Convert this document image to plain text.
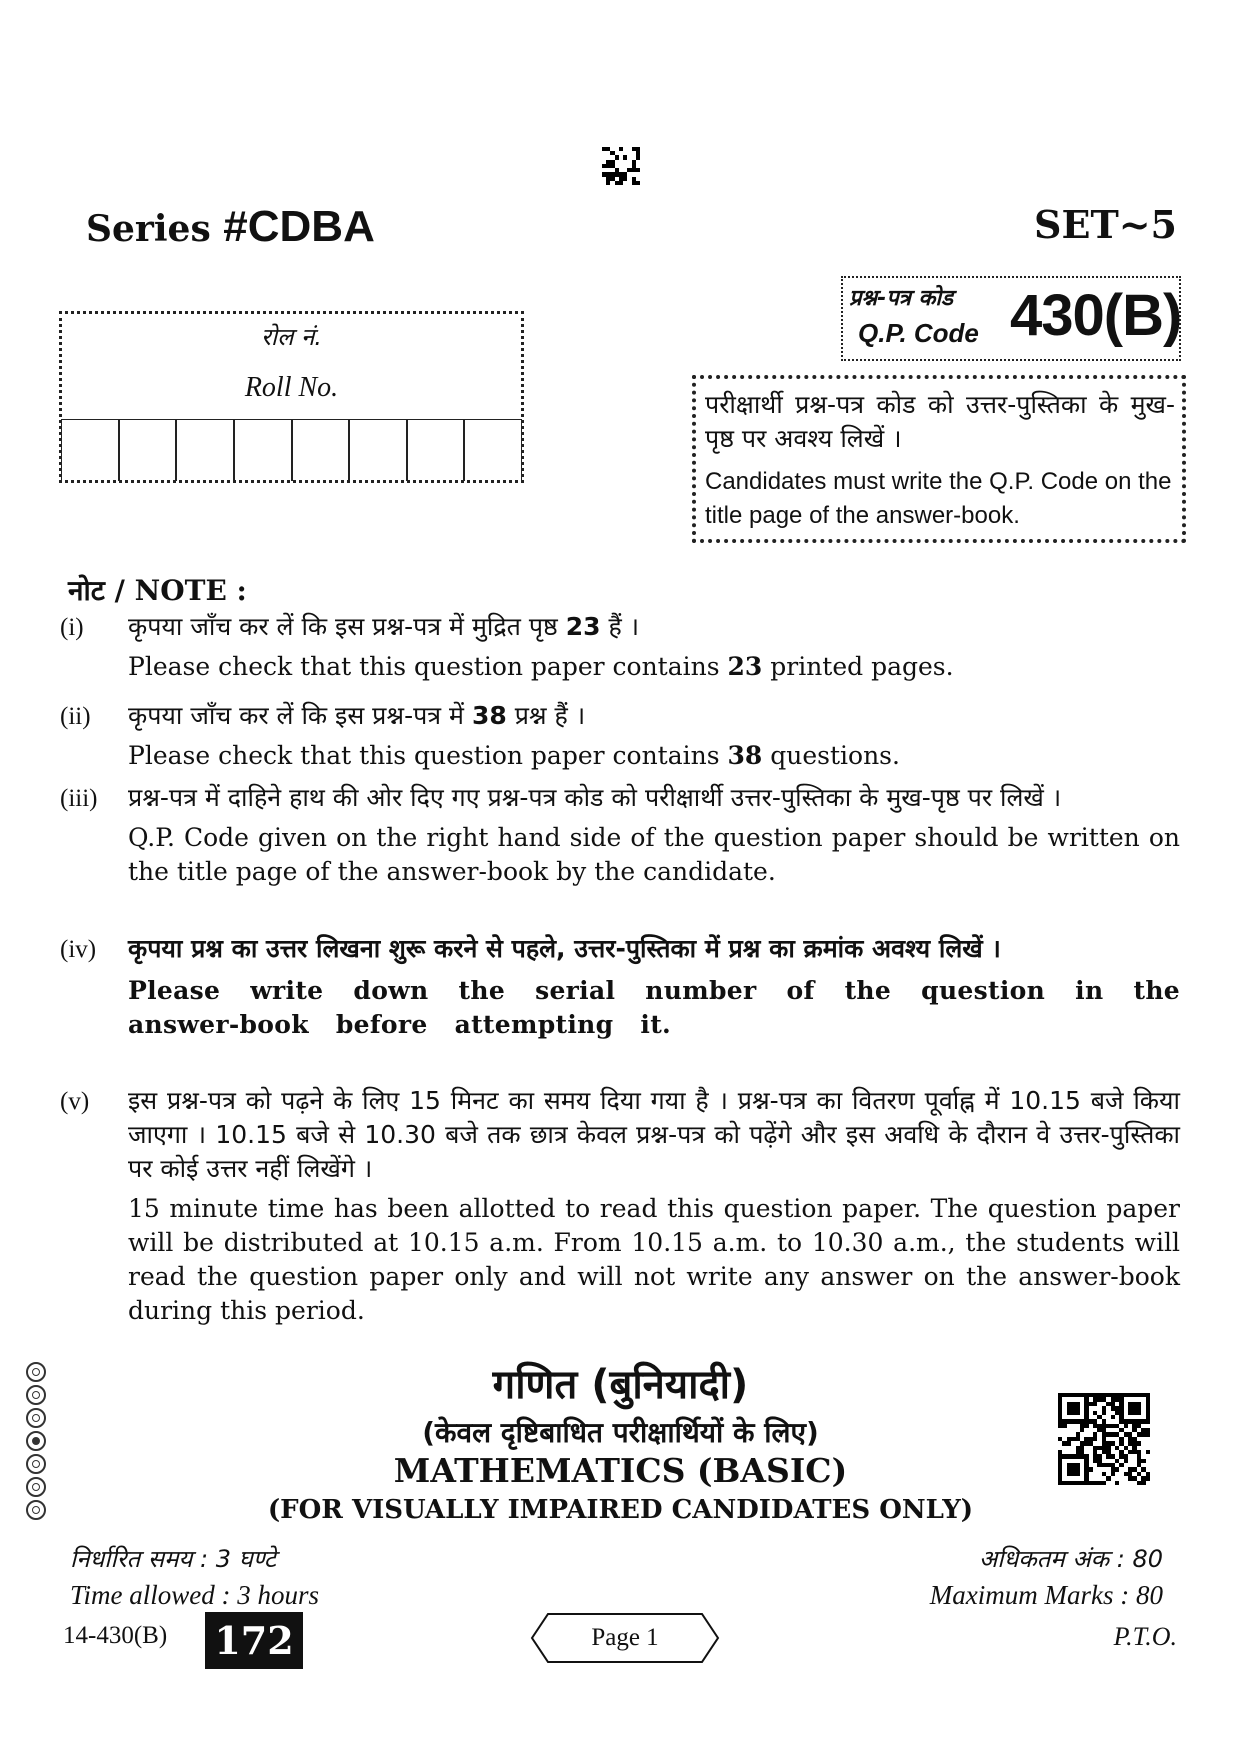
Series #CDBA	SET~5
प्रश्न-पत्र कोड
Q.P. Code 430(B)
रोल नं.
Roll No.
परीक्षार्थी प्रश्न-पत्र कोड को उत्तर-पुस्तिका के मुख-पृष्ठ पर अवश्य लिखें ।
Candidates must write the Q.P. Code on the title page of the answer-book.
नोट / NOTE :
(i) कृपया जाँच कर लें कि इस प्रश्न-पत्र में मुद्रित पृष्ठ 23 हैं ।
Please check that this question paper contains 23 printed pages.
(ii) कृपया जाँच कर लें कि इस प्रश्न-पत्र में 38 प्रश्न हैं ।
Please check that this question paper contains 38 questions.
(iii) प्रश्न-पत्र में दाहिने हाथ की ओर दिए गए प्रश्न-पत्र कोड को परीक्षार्थी उत्तर-पुस्तिका के मुख-पृष्ठ पर लिखें ।
Q.P. Code given on the right hand side of the question paper should be written on the title page of the answer-book by the candidate.
(iv) कृपया प्रश्न का उत्तर लिखना शुरू करने से पहले, उत्तर-पुस्तिका में प्रश्न का क्रमांक अवश्य लिखें ।
Please write down the serial number of the question in the answer-book before attempting it.
(v) इस प्रश्न-पत्र को पढ़ने के लिए 15 मिनट का समय दिया गया है । प्रश्न-पत्र का वितरण पूर्वाह्न में 10.15 बजे किया जाएगा । 10.15 बजे से 10.30 बजे तक छात्र केवल प्रश्न-पत्र को पढ़ेंगे और इस अवधि के दौरान वे उत्तर-पुस्तिका पर कोई उत्तर नहीं लिखेंगे ।
15 minute time has been allotted to read this question paper. The question paper will be distributed at 10.15 a.m. From 10.15 a.m. to 10.30 a.m., the students will read the question paper only and will not write any answer on the answer-book during this period.
गणित (बुनियादी)
(केवल दृष्टिबाधित परीक्षार्थियों के लिए)
MATHEMATICS (BASIC)
(FOR VISUALLY IMPAIRED CANDIDATES ONLY)
निर्धारित समय : 3 घण्टे
Time allowed : 3 hours
अधिकतम अंक : 80
Maximum Marks : 80
14-430(B) 172	Page 1	P.T.O.
